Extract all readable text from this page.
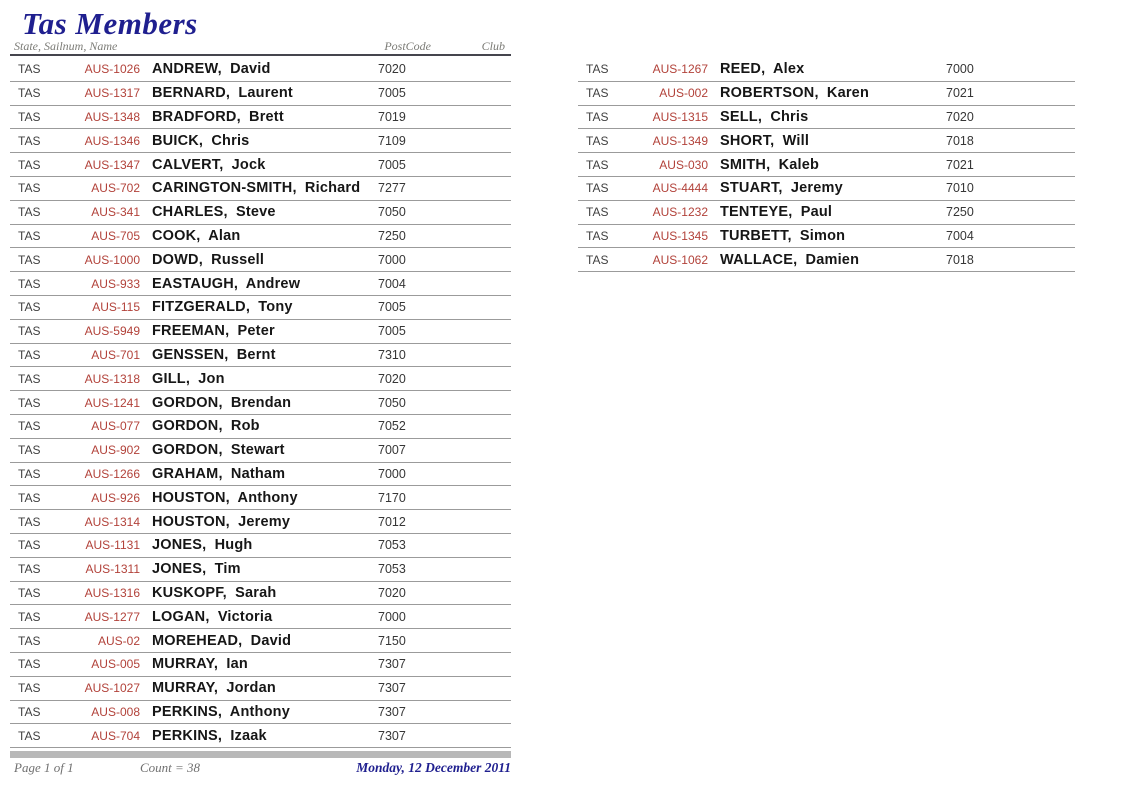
Tas Members
State, Sailnum, Name	PostCode	Club
TAS	AUS-1026 ANDREW, David	7020
TAS	AUS-1317 BERNARD, Laurent	7005
TAS	AUS-1348 BRADFORD, Brett	7019
TAS	AUS-1346 BUICK, Chris	7109
TAS	AUS-1347 CALVERT, Jock	7005
TAS	AUS-702 CARINGTON-SMITH, Richard	7277
TAS	AUS-341 CHARLES, Steve	7050
TAS	AUS-705 COOK, Alan	7250
TAS	AUS-1000 DOWD, Russell	7000
TAS	AUS-933 EASTAUGH, Andrew	7004
TAS	AUS-115 FITZGERALD, Tony	7005
TAS	AUS-5949 FREEMAN, Peter	7005
TAS	AUS-701 GENSSEN, Bernt	7310
TAS	AUS-1318 GILL, Jon	7020
TAS	AUS-1241 GORDON, Brendan	7050
TAS	AUS-077 GORDON, Rob	7052
TAS	AUS-902 GORDON, Stewart	7007
TAS	AUS-1266 GRAHAM, Natham	7000
TAS	AUS-926 HOUSTON, Anthony	7170
TAS	AUS-1314 HOUSTON, Jeremy	7012
TAS	AUS-1131 JONES, Hugh	7053
TAS	AUS-1311 JONES, Tim	7053
TAS	AUS-1316 KUSKOPF, Sarah	7020
TAS	AUS-1277 LOGAN, Victoria	7000
TAS	AUS-02 MOREHEAD, David	7150
TAS	AUS-005 MURRAY, Ian	7307
TAS	AUS-1027 MURRAY, Jordan	7307
TAS	AUS-008 PERKINS, Anthony	7307
TAS	AUS-704 PERKINS, Izaak	7307
TAS	AUS-1267 REED, Alex	7000
TAS	AUS-002 ROBERTSON, Karen	7021
TAS	AUS-1315 SELL, Chris	7020
TAS	AUS-1349 SHORT, Will	7018
TAS	AUS-030 SMITH, Kaleb	7021
TAS	AUS-4444 STUART, Jeremy	7010
TAS	AUS-1232 TENTEYE, Paul	7250
TAS	AUS-1345 TURBETT, Simon	7004
TAS	AUS-1062 WALLACE, Damien	7018
Page 1 of 1	Count = 38	Monday, 12 December 2011
